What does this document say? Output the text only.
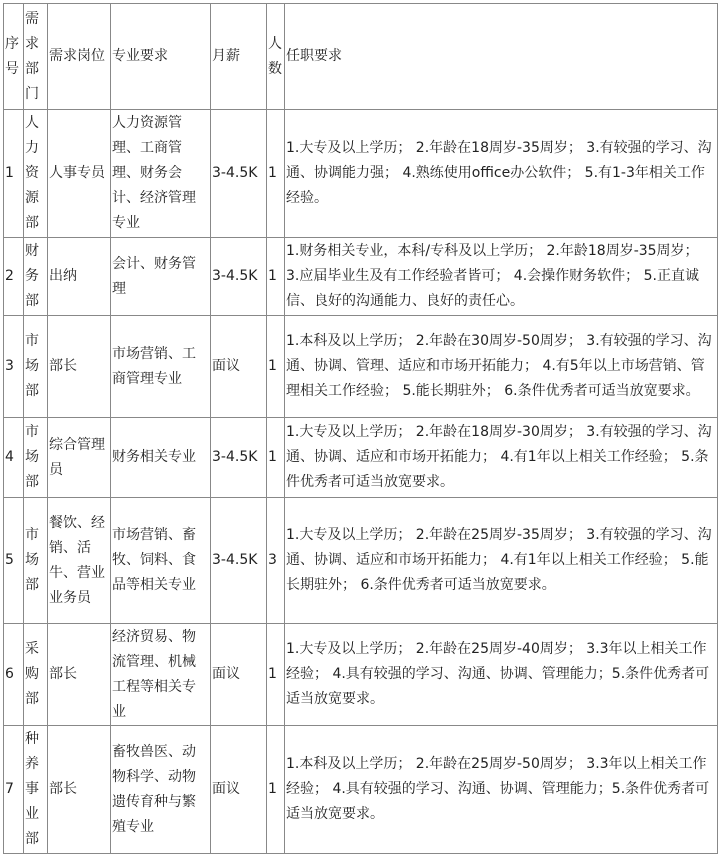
序号	需求部门	需求岗位	专业要求	月薪	人数	任职要求
1	人力资源部	人事专员	人力资源管理、工商管理、财务会计、经济管理专业	3-4.5K	1	1.大专及以上学历； 2.年龄在18周岁-35周岁； 3.有较强的学习、沟通、协调能力强； 4.熟练使用office办公软件； 5.有1-3年相关工作经验。
2	财务部	出纳	会计、财务管理	3-4.5K	1	1.财务相关专业，本科/专科及以上学历； 2.年龄18周岁-35周岁； 3.应届毕业生及有工作经验者皆可； 4.会操作财务软件； 5.正直诚信、良好的沟通能力、良好的责任心。
3	市场部	部长	市场营销、工商管理专业	面议	1	1.本科及以上学历； 2.年龄在30周岁-50周岁； 3.有较强的学习、沟通、协调、管理、适应和市场开拓能力； 4.有5年以上市场营销、管理相关工作经验； 5.能长期驻外； 6.条件优秀者可适当放宽要求。
4	市场部	综合管理员	财务相关专业	3-4.5K	1	1.大专及以上学历； 2.年龄在18周岁-30周岁； 3.有较强的学习、沟通、协调、适应和市场开拓能力； 4.有1年以上相关工作经验； 5.条件优秀者可适当放宽要求。
5	市场部	餐饮、经销、活牛、营业业务员	市场营销、畜牧、饲料、食品等相关专业	3-4.5K	3	1.大专及以上学历； 2.年龄在25周岁-35周岁； 3.有较强的学习、沟通、协调、适应和市场开拓能力； 4.有1年以上相关工作经验； 5.能长期驻外； 6.条件优秀者可适当放宽要求。
6	采购部	部长	经济贸易、物流管理、机械工程等相关专业	面议	1	1.大专及以上学历； 2.年龄在25周岁-40周岁； 3.3年以上相关工作经验； 4.具有较强的学习、沟通、协调、管理能力；5.条件优秀者可适当放宽要求。
7	种养事业部	部长	畜牧兽医、动物科学、动物遗传育种与繁殖专业	面议	1	1.本科及以上学历； 2.年龄在25周岁-50周岁； 3.3年以上相关工作经验； 4.具有较强的学习、沟通、协调、管理能力；5.条件优秀者可适当放宽要求。
